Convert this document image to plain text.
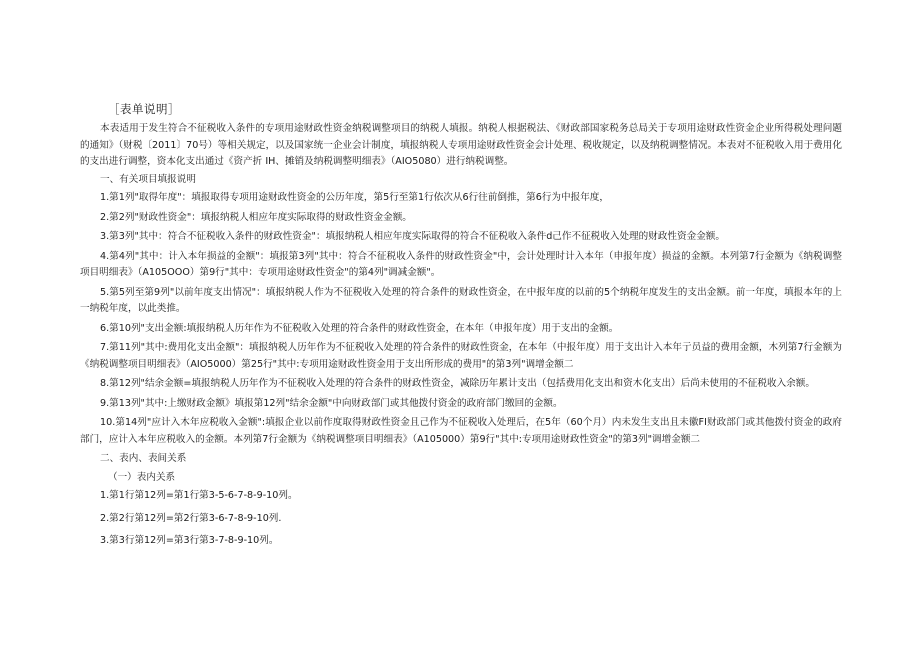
［表单说明］
本表适用于发生符合不征税收入条件的专项用途财政性资金纳税调整项目的纳税人填报。纳税人根据税法、《财政部国家税务总局关于专项用途财政性资金企业所得税处理问题的通知》（财税〔2011〕70号）等相关规定，以及国家统一企业会计制度，填报纳税人专项用途财政性资金会计处理、税收规定，以及纳税调整情况。本表对不征税收入用于费用化的支出进行调整，资本化支出通过《资产折 IH、摊销及纳税调整明细表》（AIO5080）进行纳税调整。
一、有关项目填报说明
1.第1列"取得年度"：填报取得专项用途财政性资金的公历年度，第5行至第1行依次从6行往前倒推，第6行为中报年度，
2.第2列"财政性资金"：填报纳税人相应年度实际取得的财政性资金金额。
3.第3列"其中：符合不征税收入条件的财政性资金"：填报纳税人相应年度实际取得的符合不征税收入条件d己作不征税收入处理的财政性资金金额。
4.第4列"其中：计入本年损益的金额"：填报第3列"其中：符合不征税收入条件的财政性资金"中，会计处理时计入本年（申报年度）损益的金额。本列第7行金额为《纳税调整项目明细表》（A105OOO）第9行"其中：专项用途财政性资金"的第4列"调减金额"。
5.第5列至第9列"以前年度支出情况"：填报纳税人作为不征税收入处理的符合条件的财政性资金，在中报年度的以前的5个纳税年度发生的支出金额。前一年度，填报本年的上一纳税年度，以此类推。
6.第10列"支出金额:填报纳税人历年作为不征税收入处理的符合条件的财政性资金，在本年（申报年度）用于支出的金额。
7.第11列"其中:费用化支出金额"：填报纳税人历年作为不征税收入处理的符合条件的财政性资金，在本年（中报年度）用于支出计入本年亍员益的费用金额，木列第7行金额为《纳税调整项目明细表》（AIO5000）第25行"其中:专项用途财政性资金用于支出所形成的费用"的第3列"调增金额二
8.第12列"结余金额=填报纳税人历年作为不征税收入处理的符合条件的财政性资金，减除历年累计支出（包括费用化支出和资木化支出）后尚未使用的不征税收入余额。
9.第13列"其中:上缴财政金额》填报第12列"结余金额"中向财政部门或其他拨付资金的政府部门缴回的金额。
10.第14列"应计入木年应税收入金额":填报企业以前作度取得财政性资金且己作为不征税收入处理后，在5年（60个月）内未发生支出且未徽FI财政部门或其他拨付资金的政府部门，应计入本年应税收入的金额。本列第7行金额为《纳税调整项目明细表》（A105000）第9行"其中:专项用途财政性资金"的第3列"调增金额二
二、表内、表间关系
（一）表内关系
1.第1行第12列=第1行第3-5-6-7-8-9-10列。
2.第2行第12列=第2行第3-6-7-8-9-10列.
3.第3行第12列=第3行第3-7-8-9-10列。
